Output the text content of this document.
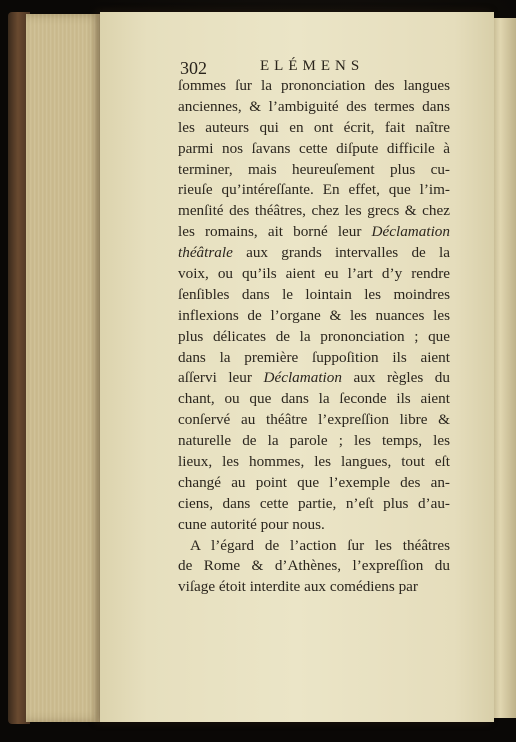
302	ELÉMENS
ſommes ſur la prononciation des langues
anciennes, & l’ambiguité des termes dans
les auteurs qui en ont écrit, fait naître
parmi nos ſavans cette diſpute difficile à
terminer, mais heureuſement plus cu-
rieuſe qu’intéreſſante. En effet, que l’im-
menſité des théâtres, chez les grecs & chez
les romains, ait borné leur Déclamation
théâtrale aux grands intervalles de la
voix, ou qu’ils aient eu l’art d’y rendre
ſenſibles dans le lointain les moindres
inflexions de l’organe & les nuances les
plus délicates de la prononciation ; que
dans la première ſuppoſition ils aient
aſſervi leur Déclamation aux règles du
chant, ou que dans la ſeconde ils aient
conſervé au théâtre l’expreſſion libre &
naturelle de la parole ; les temps, les
lieux, les hommes, les langues, tout eſt
changé au point que l’exemple des an-
ciens, dans cette partie, n’eſt plus d’au-
cune autorité pour nous.
A l’égard de l’action ſur les théâtres
de Rome & d’Athènes, l’expreſſion du
viſage étoit interdite aux comédiens par
